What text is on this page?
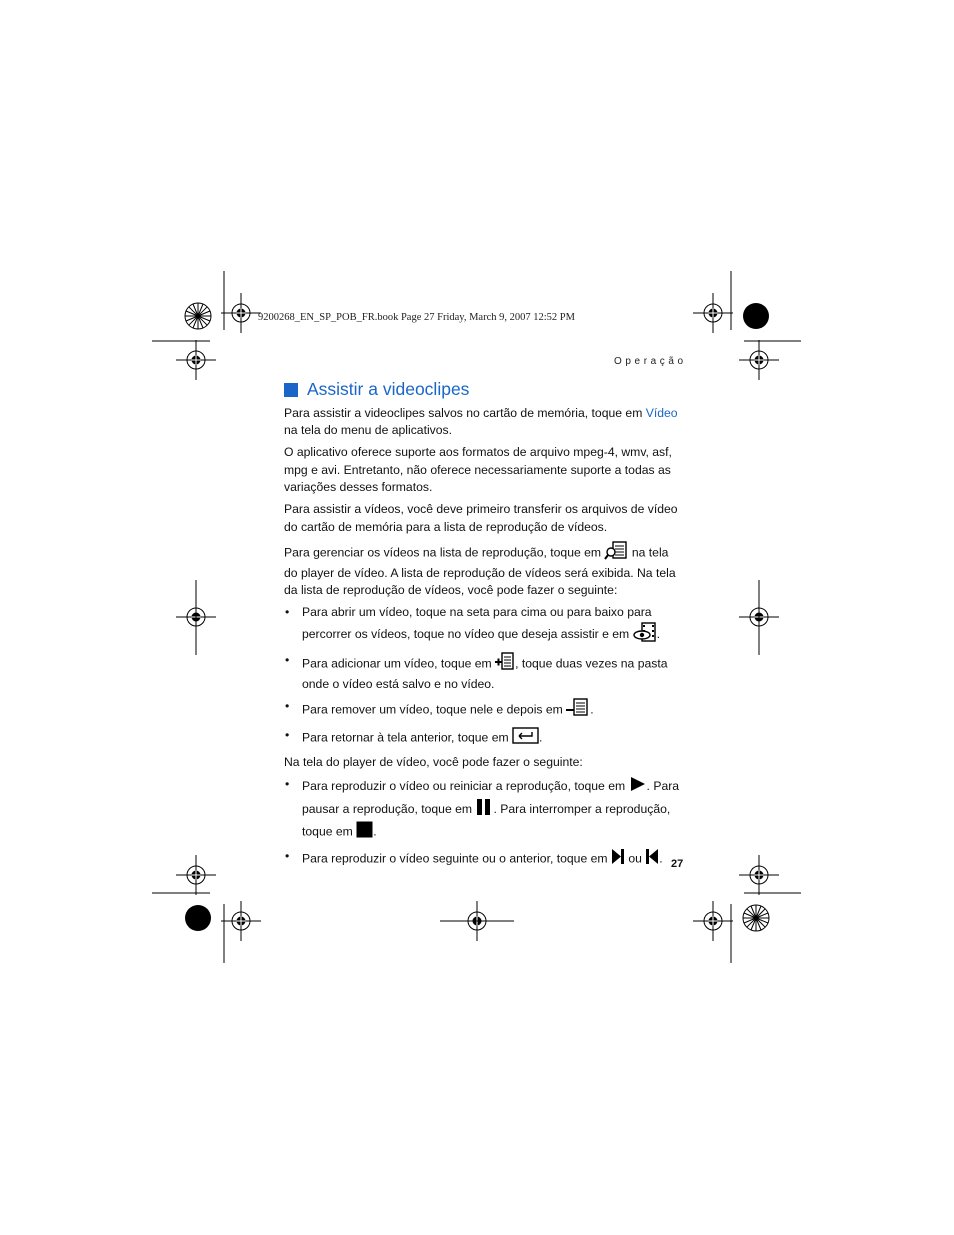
9200268_EN_SP_POB_FR.book Page 27 Friday, March 9, 2007 12:52 PM
Operação
Assistir a videoclipes

Para assistir a videoclipes salvos no cartão de memória, toque em Vídeo na tela do menu de aplicativos.

O aplicativo oferece suporte aos formatos de arquivo mpeg-4, wmv, asf, mpg e avi. Entretanto, não oferece necessariamente suporte a todas as variações desses formatos.

Para assistir a vídeos, você deve primeiro transferir os arquivos de vídeo do cartão de memória para a lista de reprodução de vídeos.

Para gerenciar os vídeos na lista de reprodução, toque em  na tela do player de vídeo. A lista de reprodução de vídeos será exibida. Na tela da lista de reprodução de vídeos, você pode fazer o seguinte:

• Para abrir um vídeo, toque na seta para cima ou para baixo para percorrer os vídeos, toque no vídeo que deseja assistir e em .
• Para adicionar um vídeo, toque em , toque duas vezes na pasta onde o vídeo está salvo e no vídeo.
• Para remover um vídeo, toque nele e depois em .
• Para retornar à tela anterior, toque em .

Na tela do player de vídeo, você pode fazer o seguinte:

• Para reproduzir o vídeo ou reiniciar a reprodução, toque em . Para pausar a reprodução, toque em . Para interromper a reprodução, toque em .
• Para reproduzir o vídeo seguinte ou o anterior, toque em  ou . 27
